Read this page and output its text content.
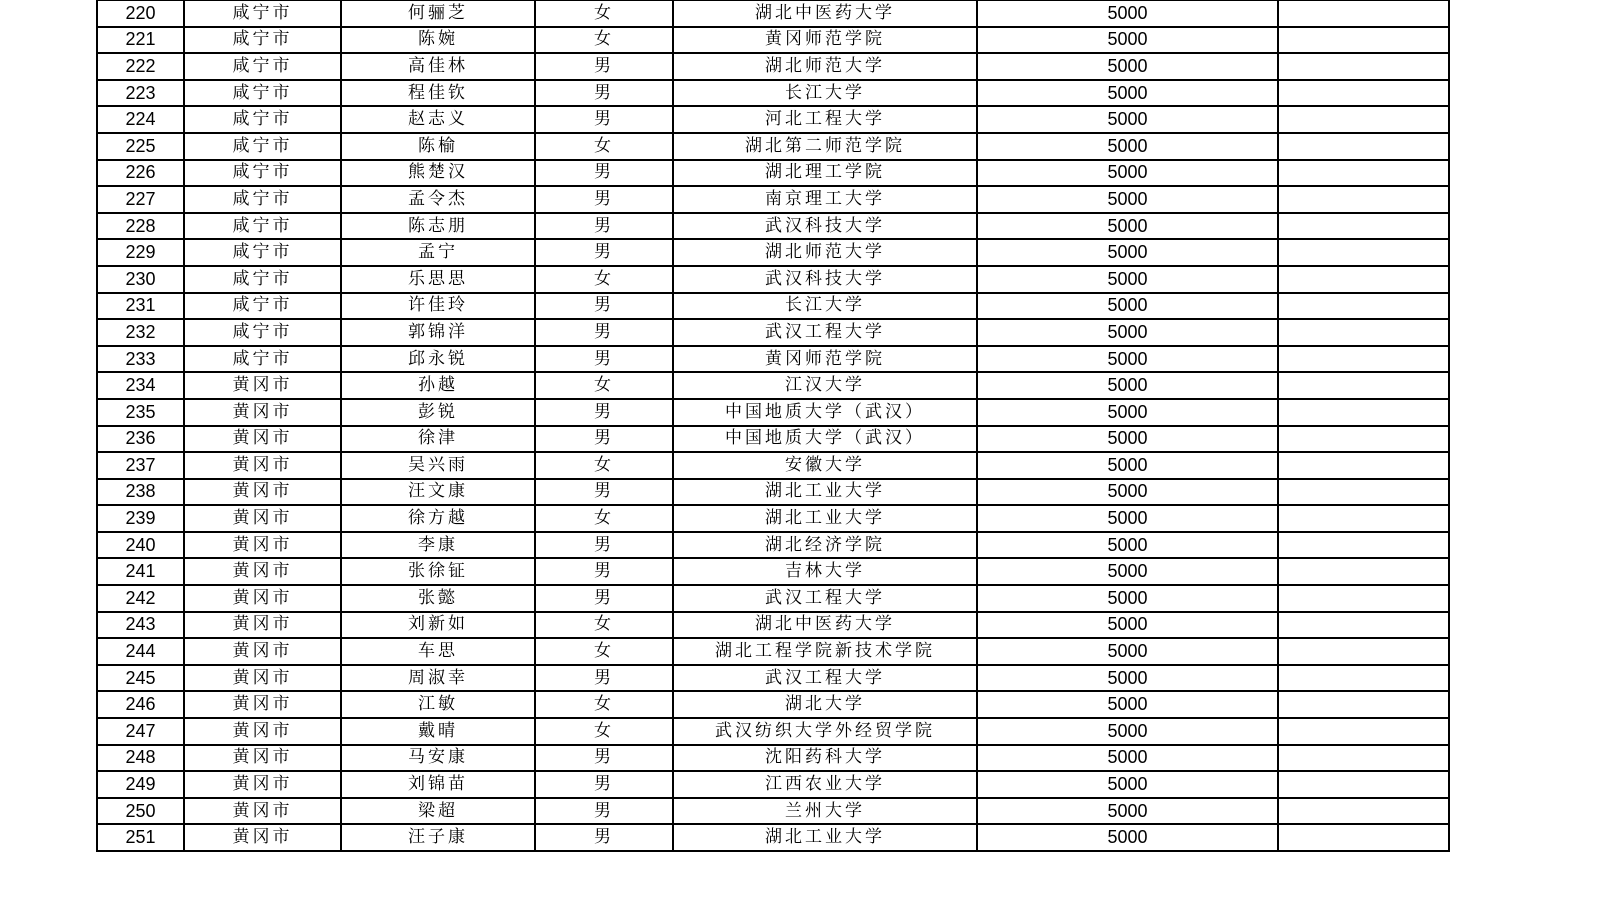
220	咸宁市	何骊芝	女	湖北中医药大学	5000	
221	咸宁市	陈婉	女	黄冈师范学院	5000	
222	咸宁市	高佳林	男	湖北师范大学	5000	
223	咸宁市	程佳钦	男	长江大学	5000	
224	咸宁市	赵志义	男	河北工程大学	5000	
225	咸宁市	陈榆	女	湖北第二师范学院	5000	
226	咸宁市	熊楚汉	男	湖北理工学院	5000	
227	咸宁市	孟令杰	男	南京理工大学	5000	
228	咸宁市	陈志朋	男	武汉科技大学	5000	
229	咸宁市	孟宁	男	湖北师范大学	5000	
230	咸宁市	乐思思	女	武汉科技大学	5000	
231	咸宁市	许佳玲	男	长江大学	5000	
232	咸宁市	郭锦洋	男	武汉工程大学	5000	
233	咸宁市	邱永锐	男	黄冈师范学院	5000	
234	黄冈市	孙越	女	江汉大学	5000	
235	黄冈市	彭锐	男	中国地质大学（武汉）	5000	
236	黄冈市	徐津	男	中国地质大学（武汉）	5000	
237	黄冈市	吴兴雨	女	安徽大学	5000	
238	黄冈市	汪文康	男	湖北工业大学	5000	
239	黄冈市	徐方越	女	湖北工业大学	5000	
240	黄冈市	李康	男	湖北经济学院	5000	
241	黄冈市	张徐钲	男	吉林大学	5000	
242	黄冈市	张懿	男	武汉工程大学	5000	
243	黄冈市	刘新如	女	湖北中医药大学	5000	
244	黄冈市	车思	女	湖北工程学院新技术学院	5000	
245	黄冈市	周淑幸	男	武汉工程大学	5000	
246	黄冈市	江敏	女	湖北大学	5000	
247	黄冈市	戴晴	女	武汉纺织大学外经贸学院	5000	
248	黄冈市	马安康	男	沈阳药科大学	5000	
249	黄冈市	刘锦苗	男	江西农业大学	5000	
250	黄冈市	梁超	男	兰州大学	5000	
251	黄冈市	汪子康	男	湖北工业大学	5000	
